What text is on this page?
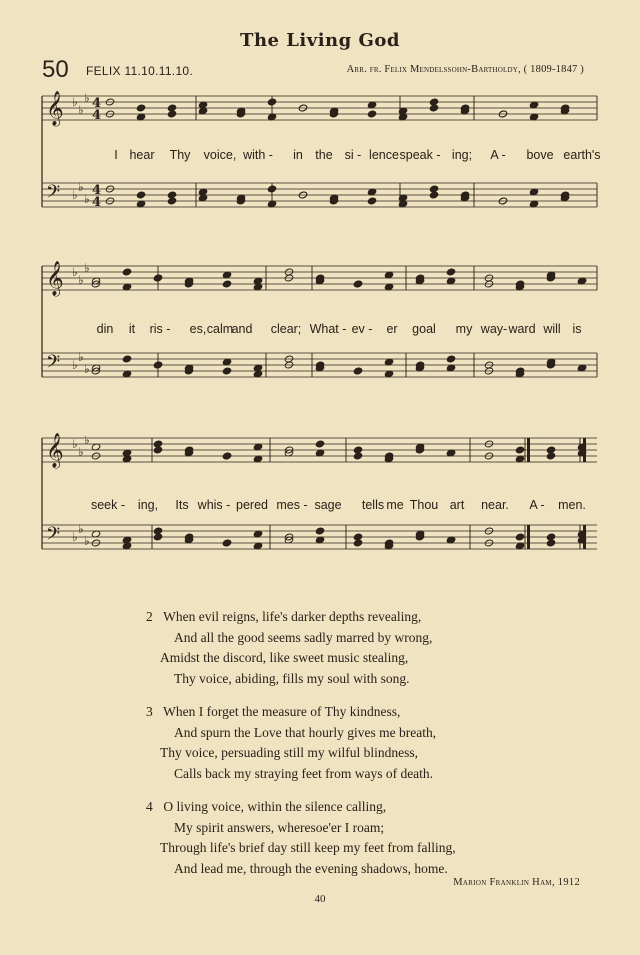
The Living God
50 FELIX 11.10.11.10.	Arr. fr. Felix Mendelssohn-Bartholdy, ( 1809-1847 )
𝄞 ♭
♭
♭ 4
4
𝄢 ♭
♭
♭
4
4
I hear Thy voice, with - in the si - lence speak - ing; A - bove earth's
𝄞 ♭
♭
♭
𝄢 ♭
♭
♭
din it ris - es, calm
and clear; What - ev - er goal my way- ward will is
𝄞 ♭
♭
♭
𝄢 ♭
♭
♭
seek - ing, Its whis - pered mes - sage tells me Thou art near. A - men.
2 When evil reigns, life's darker depths revealing,
And all the good seems sadly marred by wrong,
Amidst the discord, like sweet music stealing,
Thy voice, abiding, fills my soul with song.
3 When I forget the measure of Thy kindness,
And spurn the Love that hourly gives me breath,
Thy voice, persuading still my wilful blindness,
Calls back my straying feet from ways of death.
4 O living voice, within the silence calling,
My spirit answers, wheresoe'er I roam;
Through life's brief day still keep my feet from falling,
And lead me, through the evening shadows, home.
Marion Franklin Ham, 1912
40
